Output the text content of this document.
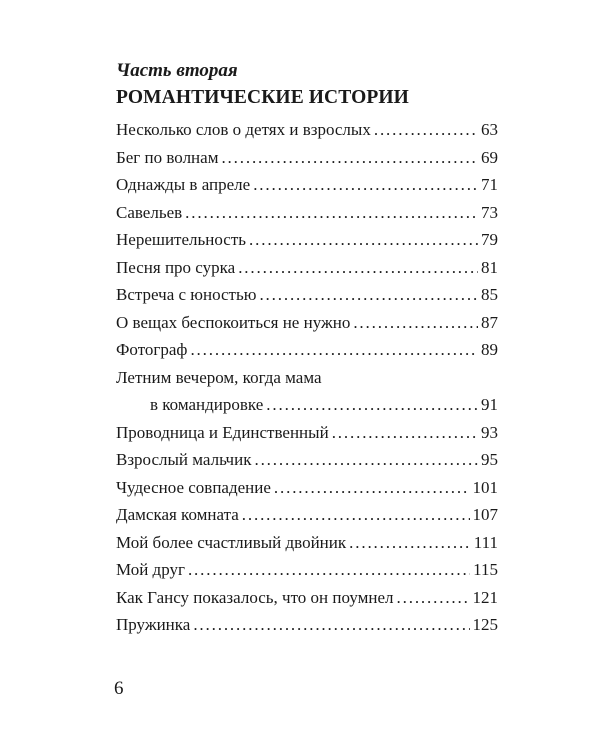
Часть вторая
РОМАНТИЧЕСКИЕ ИСТОРИИ
Несколько слов о детях и взрослых . . .	63
Бег по волнам . . .	69
Однажды в апреле . . .	71
Савельев . . .	73
Нерешительность . . .	79
Песня про сурка . . .	81
Встреча с юностью . . .	85
О вещах беспокоиться не нужно . . .	87
Фотограф . . .	89
Летним вечером, когда мама
в командировке . . .	91
Проводница и Единственный . . .	93
Взрослый мальчик . . .	95
Чудесное совпадение . . .	101
Дамская комната . . .	107
Мой более счастливый двойник . . .	111
Мой друг . . .	115
Как Гансу показалось, что он поумнел . . .	121
Пружинка . . .	125
6
